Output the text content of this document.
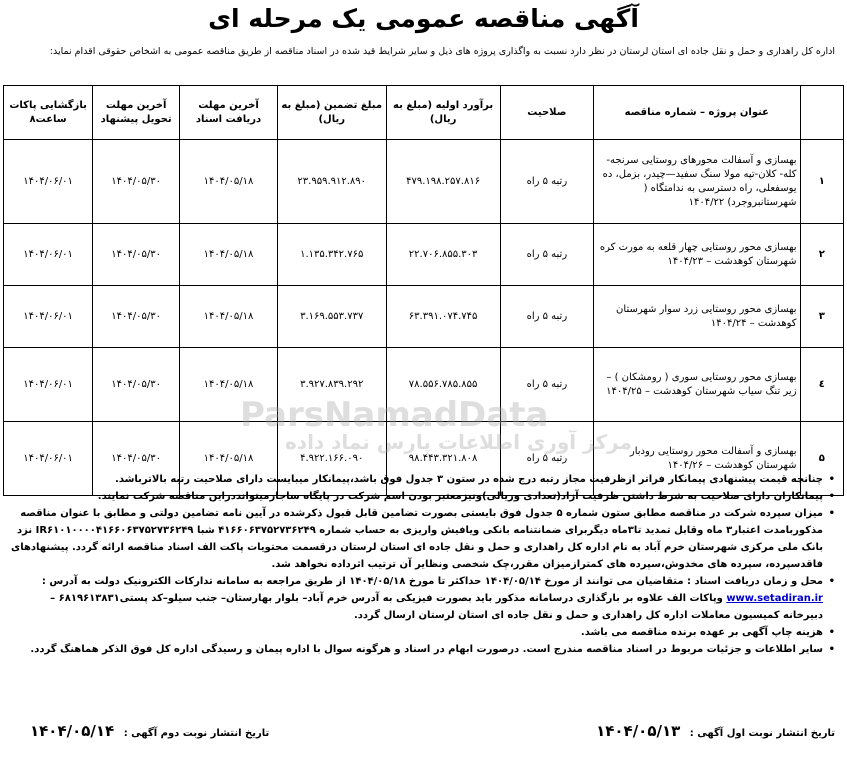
آگهی مناقصه عمومی یک مرحله ای
اداره کل راهداری و حمل و نقل جاده ای استان لرستان در نظر دارد نسبت به واگذاری پروژه های ذیل و سایر شرایط قید شده در اسناد مناقصه از طریق مناقصه عمومی به اشخاص حقوقی اقدام نماید:
	عنوان پروژه – شماره مناقصه	صلاحیت	برآورد اولیه (مبلغ به ریال)	مبلغ تضمین (مبلغ به ریال)	آخرین مهلت دریافت اسناد	آخرین مهلت تحویل پیشنهاد	بازگشایی پاکات ساعت۸
۱	بهسازی و آسفالت محورهای روستایی سرنجه-کله- کلان-تپه مولا سنگ سفید—چیدر، بزمل، ده یوسفعلی، راه دسترسی به ندامتگاه ( شهرستانبروجرد) ۱۴۰۴/۲۲	رتبه ۵ راه	۴۷۹.۱۹۸.۲۵۷.۸۱۶	۲۳.۹۵۹.۹۱۲.۸۹۰	۱۴۰۴/۰۵/۱۸	۱۴۰۴/۰۵/۳۰	۱۴۰۴/۰۶/۰۱
۲	بهسازی محور روستایی چهار قلعه به مورت کره شهرستان کوهدشت – ۱۴۰۴/۲۳	رتبه ۵ راه	۲۲.۷۰۶.۸۵۵.۳۰۳	۱.۱۳۵.۳۴۲.۷۶۵	۱۴۰۴/۰۵/۱۸	۱۴۰۴/۰۵/۳۰	۱۴۰۴/۰۶/۰۱
۳	بهسازی محور روستایی زرد سوار شهرستان کوهدشت – ۱۴۰۴/۲۴	رتبه ۵ راه	۶۳.۳۹۱.۰۷۴.۷۴۵	۳.۱۶۹.۵۵۳.۷۳۷	۱۴۰۴/۰۵/۱۸	۱۴۰۴/۰۵/۳۰	۱۴۰۴/۰۶/۰۱
٤	بهسازی محور روستایی سوری ( رومشکان ) – زیر تنگ سیاب شهرستان کوهدشت – ۱۴۰۴/۲۵	رتبه ۵ راه	۷۸.۵۵۶.۷۸۵.۸۵۵	۳.۹۲۷.۸۳۹.۲۹۲	۱۴۰۴/۰۵/۱۸	۱۴۰۴/۰۵/۳۰	۱۴۰۴/۰۶/۰۱
۵	بهسازی و آسفالت محور روستایی رودبار شهرستان کوهدشت – ۱۴۰۴/۲۶	رتبه ۵ راه	۹۸.۴۴۳.۳۲۱.۸۰۸	۴.۹۲۲.۱۶۶.۰۹۰	۱۴۰۴/۰۵/۱۸	۱۴۰۴/۰۵/۳۰	۱۴۰۴/۰۶/۰۱
ParsNamadData
مرکز آوری اطلاعات پارس نماد داده
•
چنانچه قیمت پیشنهادی پیمانکار فراتر ازظرفیت مجاز رتبه درج شده در ستون ۳ جدول فوق باشد،پیمانکار میبایست دارای صلاحیت رتبه بالاترباشد.
•
پیمانکاران دارای صلاحیت به شرط داشتن ظرفیت آزاد(تعدادی وریالی)ونیزمعتبر بودن اسم شرکت در پایگاه ساجارمیتوانددراین مناقصه شرکت نمایند.
•
میزان سپرده شرکت در مناقصه مطابق ستون شماره ۵ جدول فوق بایستی بصورت تضامین قابل قبول ذکرشده در آیین نامه تضامین دولتی و مطابق با عنوان مناقصه مذکوربامدت اعتبار۳ ماه وقابل تمدید تا۳ماه دیگربرای ضمانتنامه بانکی ویافیش واریزی به حساب شماره ۴۱۶۶۰۶۳۷۵۲۷۳۶۲۴۹ شبا IR۶۱۰۱۰۰۰۰۴۱۶۶۰۶۳۷۵۲۷۳۶۲۴۹ نزد بانک ملی مرکزی شهرستان خرم آباد به نام اداره کل راهداری و حمل و نقل جاده ای استان لرستان درقسمت محتویات پاکت الف اسناد مناقصه ارائه گردد. پیشنهادهای فاقدسپرده، سپرده های مخدوش،سپرده های کمترازمیزان مقرر،چک شخصی ونظایر آن ترتیب اثرداده نخواهد شد.
•
محل و زمان دریافت اسناد : متقاضیان می توانند از مورخ ۱۴۰۴/۰۵/۱۴ حداکثر تا مورخ ۱۴۰۴/۰۵/۱۸ از طریق مراجعه به سامانه تدارکات الکترونیک دولت به آدرس : www.setadiran.ir وپاکات الف علاوه بر بارگذاری درسامانه مذکور باید بصورت فیزیکی به آدرس خرم آباد– بلوار بهارستان– جنب سیلو–کد پستی۶۸۱۹۶۱۳۸۳۱ – دبیرخانه کمیسیون معاملات اداره کل راهداری و حمل و نقل جاده ای استان لرستان ارسال گردد.
•
هزینه چاپ آگهی بر عهده برنده مناقصه می باشد.
•
سایر اطلاعات و جزئیات مربوط در اسناد مناقصه مندرج است. درصورت ابهام در اسناد و هرگونه سوال با اداره پیمان و رسیدگی اداره کل فوق الذکر هماهنگ گردد.
تاریخ انتشار نوبت اول آگهی : ۱۴۰۴/۰۵/۱۳
تاریخ انتشار نوبت دوم آگهی : ۱۴۰۴/۰۵/۱۴
